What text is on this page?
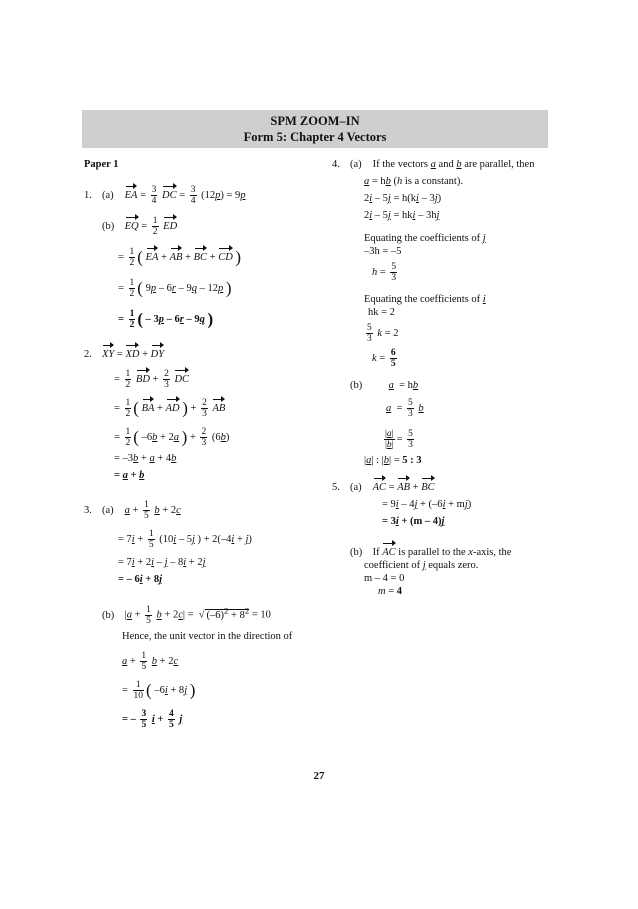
SPM ZOOM–IN
Form 5: Chapter 4 Vectors
Paper 1
1. (a) EA = $\frac{3}{4}$ DC = $\frac{3}{4} (12p) = 9p$
(b) EQ = $\frac{1}{2}$ ED
= $\frac{1}{2}$ ( EA + AB + BC + CD )
= $\frac{1}{2}$ ( 9p – 6r – 9q – 12p )
= $\frac{1}{2}$ ( – 3p – 6r – 9q )
2. XY = XD + DY
= $\frac{1}{2}$ BD + $\frac{2}{3}$ DC
= $\frac{1}{2}$ ( BA + AD ) + $\frac{2}{3}$ AB
= $\frac{1}{2}$ ( –6b + 2a ) + $\frac{2}{3} (6b)$
= –3b + a + 4b
= a + b
3. (a) $a + \frac{1}{5}$ b + 2c
= $7i + \frac{1}{5} (10i - 5j$ ) + 2(–4i + j)
= 7i + 2i – j – 8i + 2j
= – 6i + 8j
(b) $|a + \frac{1}{5}$ b + 2c| =  √ $(-6)^2 + 8^2 = 10$
Hence, the unit vector in the direction of
$a + \frac{1}{5}$ b + 2c
= $\frac{1}{10}$ ( –6i + 8j )
= – $\frac{3}{5}$ $i + \frac{4}{5}$ j
4. (a) If the vectors a and b are parallel, then
a = hb (h is a constant).
2i – 5j = h(ki – 3j)
2i – 5j = hki – 3hj
Equating the coefficients of j
–3h = –5
$h = \frac{5}{3}$
Equating the coefficients of i
hk = 2
$\frac{5}{3}$ k = 2
$k = \frac{6}{5}$
(b)	a  = hb
$a = \frac{5}{3}$ b
$\frac{|a|}{|b|} = \frac{5}{3}$
|a| : |b| = 5 : 3
5. (a) AC = AB + BC
= 9i – 4j + (–6i + mj)
= 3i + (m – 4)j
(b) If AC is parallel to the x-axis, the
coefficient of j equals zero.
m – 4 = 0
m = 4
27
